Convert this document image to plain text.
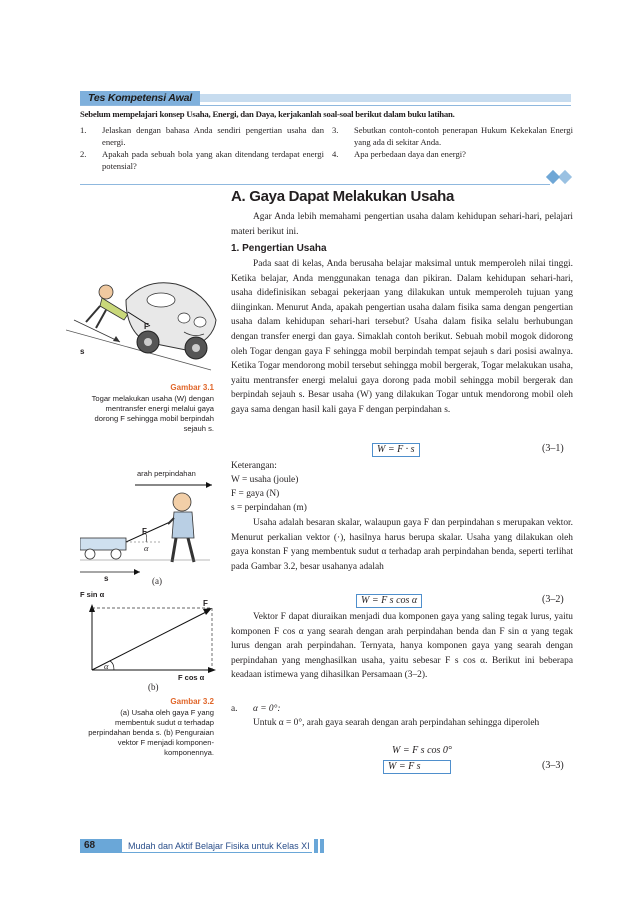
Tes Kompetensi Awal
Sebelum mempelajari konsep Usaha, Energi, dan Daya, kerjakanlah soal-soal berikut dalam buku latihan.
1. Jelaskan dengan bahasa Anda sendiri pengertian usaha dan energi.
2. Apakah pada sebuah bola yang akan ditendang terdapat energi potensial?
3. Sebutkan contoh-contoh penerapan Hukum Kekekalan Energi yang ada di sekitar Anda.
4. Apa perbedaan daya dan energi?
A. Gaya Dapat Melakukan Usaha
Agar Anda lebih memahami pengertian usaha dalam kehidupan sehari-hari, pelajari materi berikut ini.
1. Pengertian Usaha
Pada saat di kelas, Anda berusaha belajar maksimal untuk memperoleh nilai tinggi. Ketika belajar, Anda menggunakan tenaga dan pikiran. Dalam kehidupan sehari-hari, usaha didefinisikan sebagai pekerjaan yang dilakukan untuk memperoleh tujuan yang diinginkan. Menurut Anda, apakah pengertian usaha dalam fisika sama dengan pengertian usaha dalam kehidupan sehari-hari tersebut? Usaha dalam fisika selalu berhubungan dengan transfer energi dan gaya. Simaklah contoh berikut. Sebuah mobil mogok didorong oleh Togar dengan gaya F sehingga mobil berpindah tempat sejauh s dari posisi awalnya. Ketika Togar mendorong mobil tersebut sehingga mobil bergerak, Togar melakukan usaha, yaitu mentransfer energi melalui gaya dorong pada mobil sehingga mobil bergerak dan berpindah sejauh s. Besar usaha (W) yang dilakukan Togar untuk mendorong mobil oleh gaya sama dengan hasil kali gaya F dengan perpindahan s.
W = F · s	(3–1)
Keterangan:
W = usaha (joule)
F = gaya (N)
s = perpindahan (m)
Usaha adalah besaran skalar, walaupun gaya F dan perpindahan s merupakan vektor. Menurut perkalian vektor (·), hasilnya harus berupa skalar. Usaha yang dilakukan oleh gaya konstan F yang membentuk sudut α terhadap arah perpindahan benda, seperti terlihat pada Gambar 3.2, besar usahanya adalah
W = F s cos α	(3–2)
Vektor F dapat diuraikan menjadi dua komponen gaya yang saling tegak lurus, yaitu komponen F cos α yang searah dengan arah perpindahan benda dan F sin α yang tegak lurus dengan arah perpindahan. Ternyata, hanya komponen gaya yang searah dengan perpindahan yang menghasilkan usaha, yaitu sebesar F s cos α. Berikut ini beberapa keadaan istimewa yang dihasilkan Persamaan (3–2).
a.	α = 0°:
Untuk α = 0°, arah gaya searah dengan arah perpindahan sehingga diperoleh
W = F s cos 0°
W = F s	(3–3)
F
s
Gambar 3.1
Togar melakukan usaha (W) dengan mentransfer energi melalui gaya dorong F sehingga mobil berpindah sejauh s.
arah perpindahan
F
α
s	(a)
F sin α
F
α
F cos α
(b)
Gambar 3.2
(a) Usaha oleh gaya F yang membentuk sudut α terhadap perpindahan benda s. (b) Penguraian vektor F menjadi komponen-komponennya.
68	Mudah dan Aktif Belajar Fisika untuk Kelas XI
